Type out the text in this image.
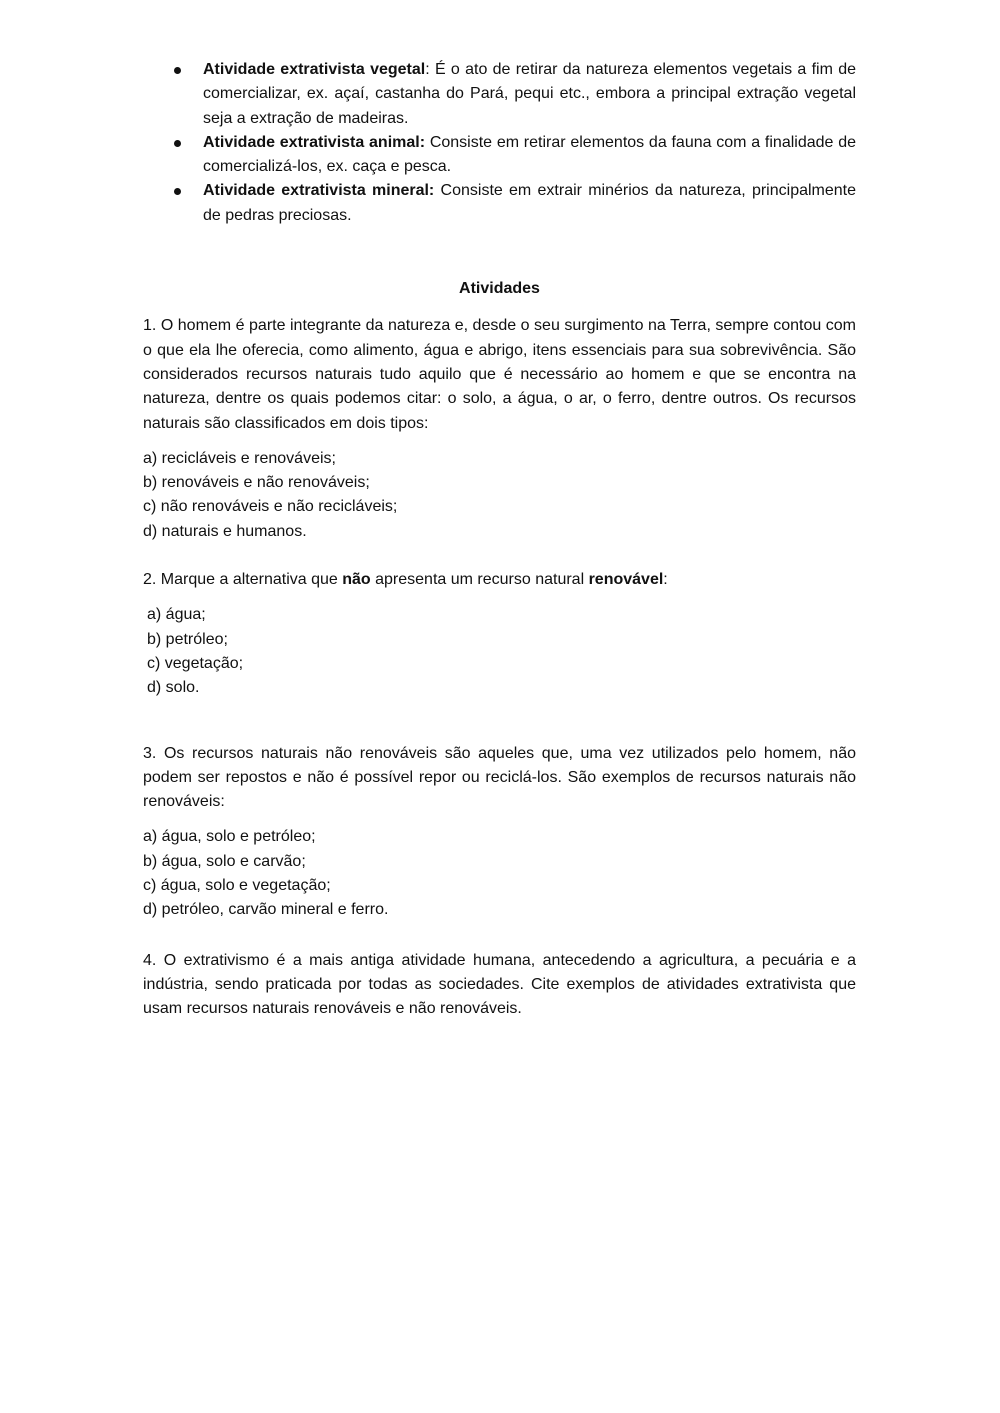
Atividade extrativista vegetal: É o ato de retirar da natureza elementos vegetais a fim de comercializar, ex. açaí, castanha do Pará, pequi etc., embora a principal extração vegetal seja a extração de madeiras.
Atividade extrativista animal: Consiste em retirar elementos da fauna com a finalidade de comercializá-los, ex. caça e pesca.
Atividade extrativista mineral: Consiste em extrair minérios da natureza, principalmente de pedras preciosas.
Atividades

1. O homem é parte integrante da natureza e, desde o seu surgimento na Terra, sempre contou com o que ela lhe oferecia, como alimento, água e abrigo, itens essenciais para sua sobrevivência. São considerados recursos naturais tudo aquilo que é necessário ao homem e que se encontra na natureza, dentre os quais podemos citar: o solo, a água, o ar, o ferro, dentre outros. Os recursos naturais são classificados em dois tipos:

a) recicláveis e renováveis;
b) renováveis e não renováveis;
c) não renováveis e não recicláveis;
d) naturais e humanos.

2. Marque a alternativa que não apresenta um recurso natural renovável:

a) água;
b) petróleo;
c) vegetação;
d) solo.

3. Os recursos naturais não renováveis são aqueles que, uma vez utilizados pelo homem, não podem ser repostos e não é possível repor ou reciclá-los. São exemplos de recursos naturais não renováveis:

a) água, solo e petróleo;
b) água, solo e carvão;
c) água, solo e vegetação;
d) petróleo, carvão mineral e ferro.

4. O extrativismo é a mais antiga atividade humana, antecedendo a agricultura, a pecuária e a indústria, sendo praticada por todas as sociedades. Cite exemplos de atividades extrativista que usam recursos naturais renováveis e não renováveis.
